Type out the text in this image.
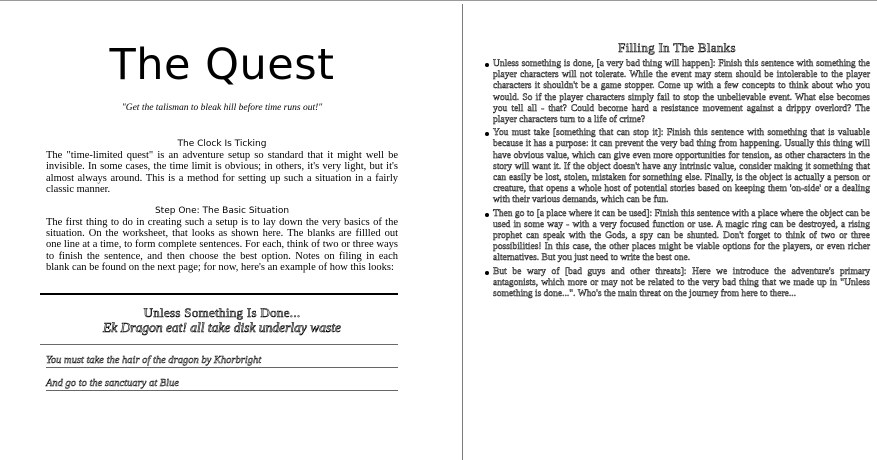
The Quest

"Get the talisman to bleak hill before time runs out!"

The Clock Is Ticking

The "time-limited quest" is an adventure setup so standard that it might well be invisible. In some cases, the time limit is obvious; in others, it's very light, but it's almost always around. This is a method for setting up such a situation in a fairly classic manner.

Step One: The Basic Situation

The first thing to do in creating such a setup is to lay down the very basics of the situation. On the worksheet, that looks as shown here. The blanks are fillled out one line at a time, to form complete sentences. For each, think of two or three ways to finish the sentence, and then choose the best option. Notes on filing in each blank can be found on the next page; for now, here's an example of how this looks:

Unless Something Is Done...

Ek Dragon eat! all take disk underlay waste

You must take the hair of the dragon by Khorbright
And go to the sanctuary at Blue
Filling In The Blanks
Unless something is done, [a very bad thing will happen]: Finish this sentence with something the player characters will not tolerate. While the event may stem should be intolerable to the player characters it shouldn't be a game stopper. Come up with a few concepts to think about who you would. So if the player characters simply fail to stop the unbelievable event. What else becomes you tell all - that? Could become hard a resistance movement against a drippy overlord? The player characters turn to a life of crime?
You must take [something that can stop it]: Finish this sentence with something that is valuable because it has a purpose: it can prevent the very bad thing from happening. Usually this thing will have obvious value, which can give even more opportunities for tension, as other characters in the story will want it. If the object doesn't have any intrinsic value, consider making it something that can easily be lost, stolen, mistaken for something else. Finally, is the object is actually a person or creature, that opens a whole host of potential stories based on keeping them 'on-side' or a dealing with their various demands, which can be fun.
Then go to [a place where it can be used]: Finish this sentence with a place where the object can be used in some way - with a very focused function or use. A magic ring can be destroyed, a rising prophet can speak with the Gods, a spy can be shunted. Don't forget to think of two or three possibilities! In this case, the other places might be viable options for the players, or even richer alternatives. But you just need to write the best one.
But be wary of [bad guys and other threats]: Here we introduce the adventure's primary antagonists, which more or may not be related to the very bad thing that we made up in "Unless something is done...". Who's the main threat on the journey from here to there...
